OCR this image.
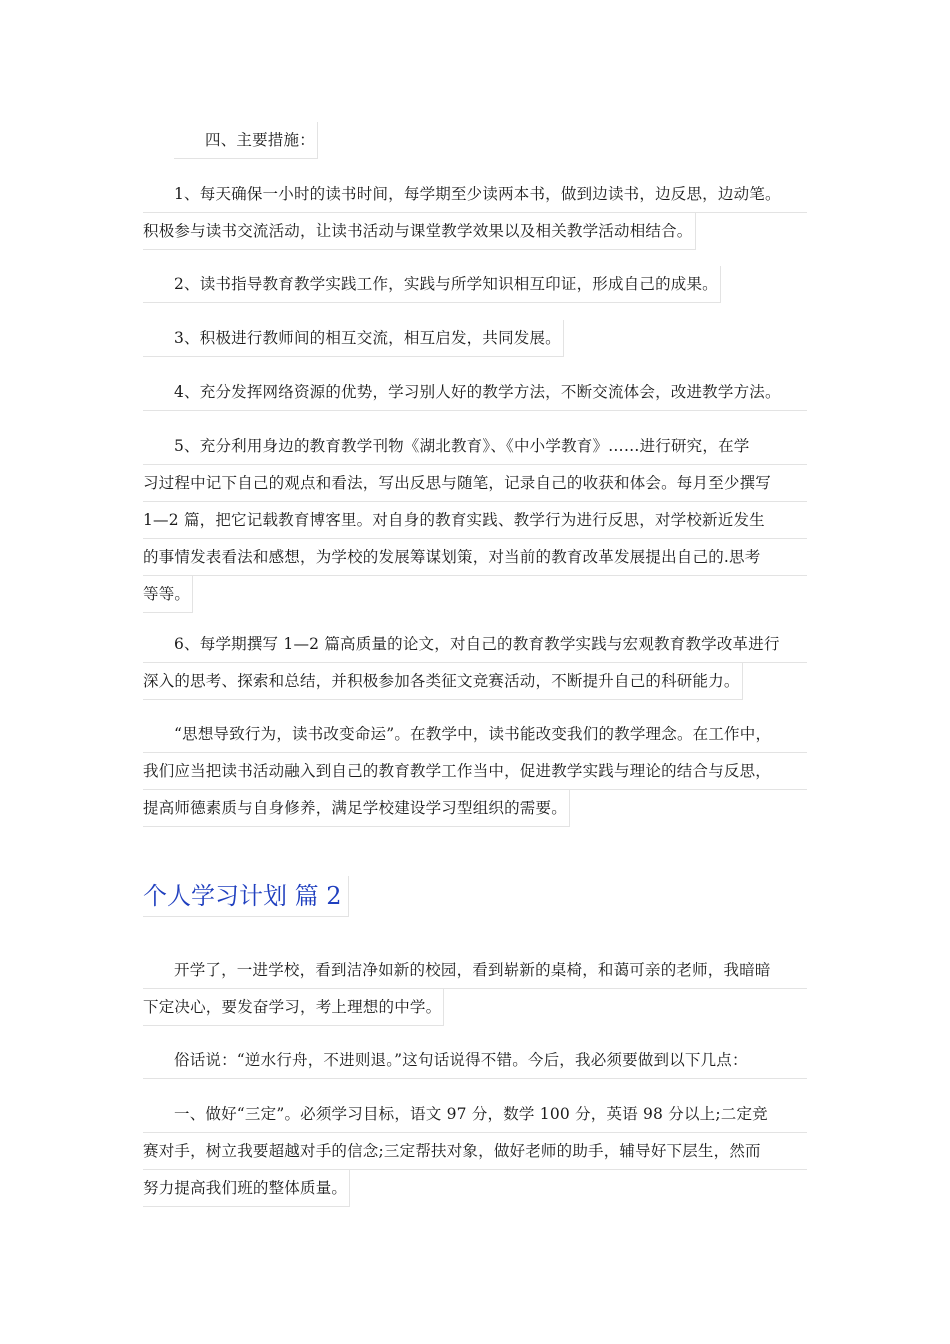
四、主要措施：
1、每天确保一小时的读书时间，每学期至少读两本书，做到边读书，边反思，边动笔。
积极参与读书交流活动，让读书活动与课堂教学效果以及相关教学活动相结合。
2、读书指导教育教学实践工作，实践与所学知识相互印证，形成自己的成果。
3、积极进行教师间的相互交流，相互启发，共同发展。
4、充分发挥网络资源的优势，学习别人好的教学方法，不断交流体会，改进教学方法。
5、充分利用身边的教育教学刊物《湖北教育》、《中小学教育》……进行研究，在学
习过程中记下自己的观点和看法，写出反思与随笔，记录自己的收获和体会。每月至少撰写
1—2 篇，把它记载教育博客里。对自身的教育实践、教学行为进行反思，对学校新近发生
的事情发表看法和感想，为学校的发展筹谋划策，对当前的教育改革发展提出自己的.思考
等等。
6、每学期撰写 1—2 篇高质量的论文，对自己的教育教学实践与宏观教育教学改革进行
深入的思考、探索和总结，并积极参加各类征文竞赛活动，不断提升自己的科研能力。
“思想导致行为，读书改变命运”。在教学中，读书能改变我们的教学理念。在工作中，
我们应当把读书活动融入到自己的教育教学工作当中，促进教学实践与理论的结合与反思，
提高师德素质与自身修养，满足学校建设学习型组织的需要。
个人学习计划 篇 2
开学了，一进学校，看到洁净如新的校园，看到崭新的桌椅，和蔼可亲的老师，我暗暗
下定决心，要发奋学习，考上理想的中学。
俗话说：“逆水行舟，不进则退。”这句话说得不错。今后，我必须要做到以下几点：
一、做好“三定”。必须学习目标，语文 97 分，数学 100 分，英语 98 分以上;二定竞
赛对手，树立我要超越对手的信念;三定帮扶对象，做好老师的助手，辅导好下层生，然而
努力提高我们班的整体质量。
